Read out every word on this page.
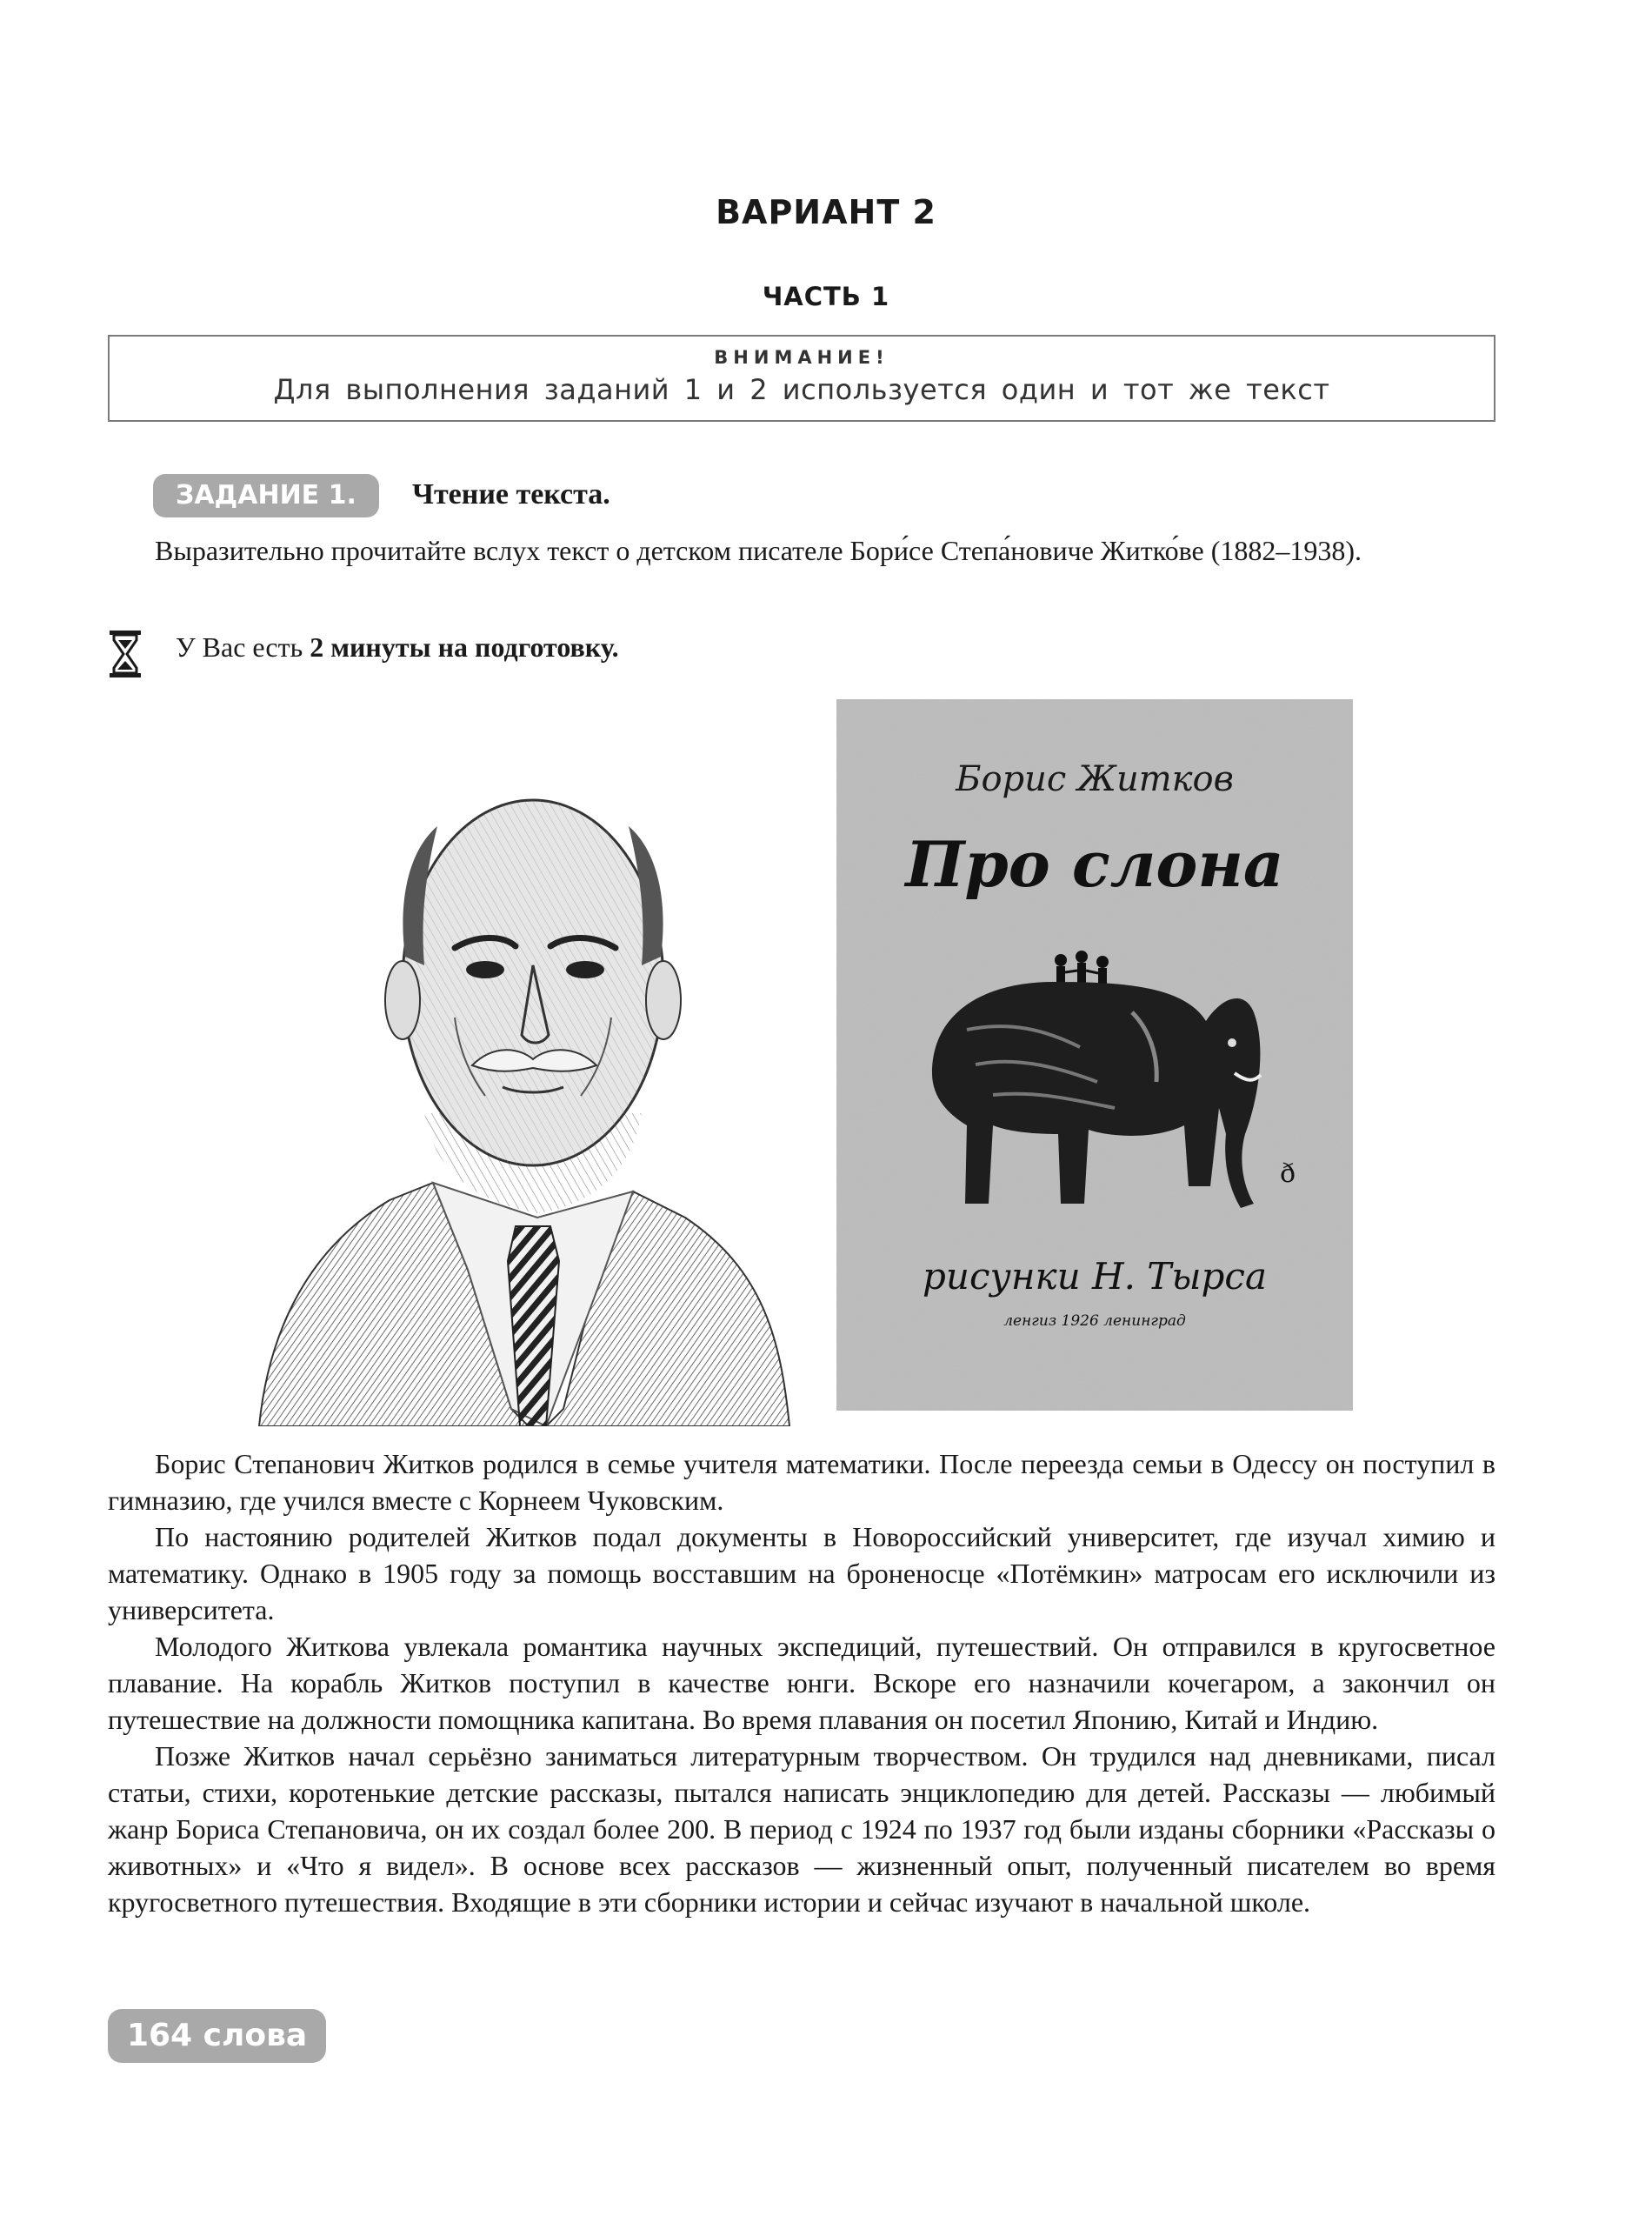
ВАРИАНТ 2
ЧАСТЬ 1
ВНИМАНИЕ!
Для выполнения заданий 1 и 2 используется один и тот же текст
ЗАДАНИЕ 1.	Чтение текста.
Выразительно прочитайте вслух текст о детском писателе Бори́се Степа́новиче Житко́ве (1882–1938).
У Вас есть 2 минуты на подготовку.
Борис Житков
Про слона
ð
рисунки Н. Тырса
ленгиз 1926 ленинград

Борис Степанович Житков родился в семье учителя математики. После переезда семьи в Одессу он поступил в гимназию, где учился вместе с Корнеем Чуковским.

По настоянию родителей Житков подал документы в Новороссийский университет, где изучал химию и математику. Однако в 1905 году за помощь восставшим на броненосце «Потёмкин» матросам его исключили из университета.

Молодого Житкова увлекала романтика научных экспедиций, путешествий. Он отправился в кругосветное плавание. На корабль Житков поступил в качестве юнги. Вскоре его назначили кочегаром, а закончил он путешествие на должности помощника капитана. Во время плавания он посетил Японию, Китай и Индию.

Позже Житков начал серьёзно заниматься литературным творчеством. Он трудился над дневниками, писал статьи, стихи, коротенькие детские рассказы, пытался написать энциклопедию для детей. Рассказы — любимый жанр Бориса Степановича, он их создал более 200. В период с 1924 по 1937 год были изданы сборники «Рассказы о животных» и «Что я видел». В основе всех рассказов — жизненный опыт, полученный писателем во время кругосветного путешествия. Входящие в эти сборники истории и сейчас изучают в начальной школе.

164 слова
